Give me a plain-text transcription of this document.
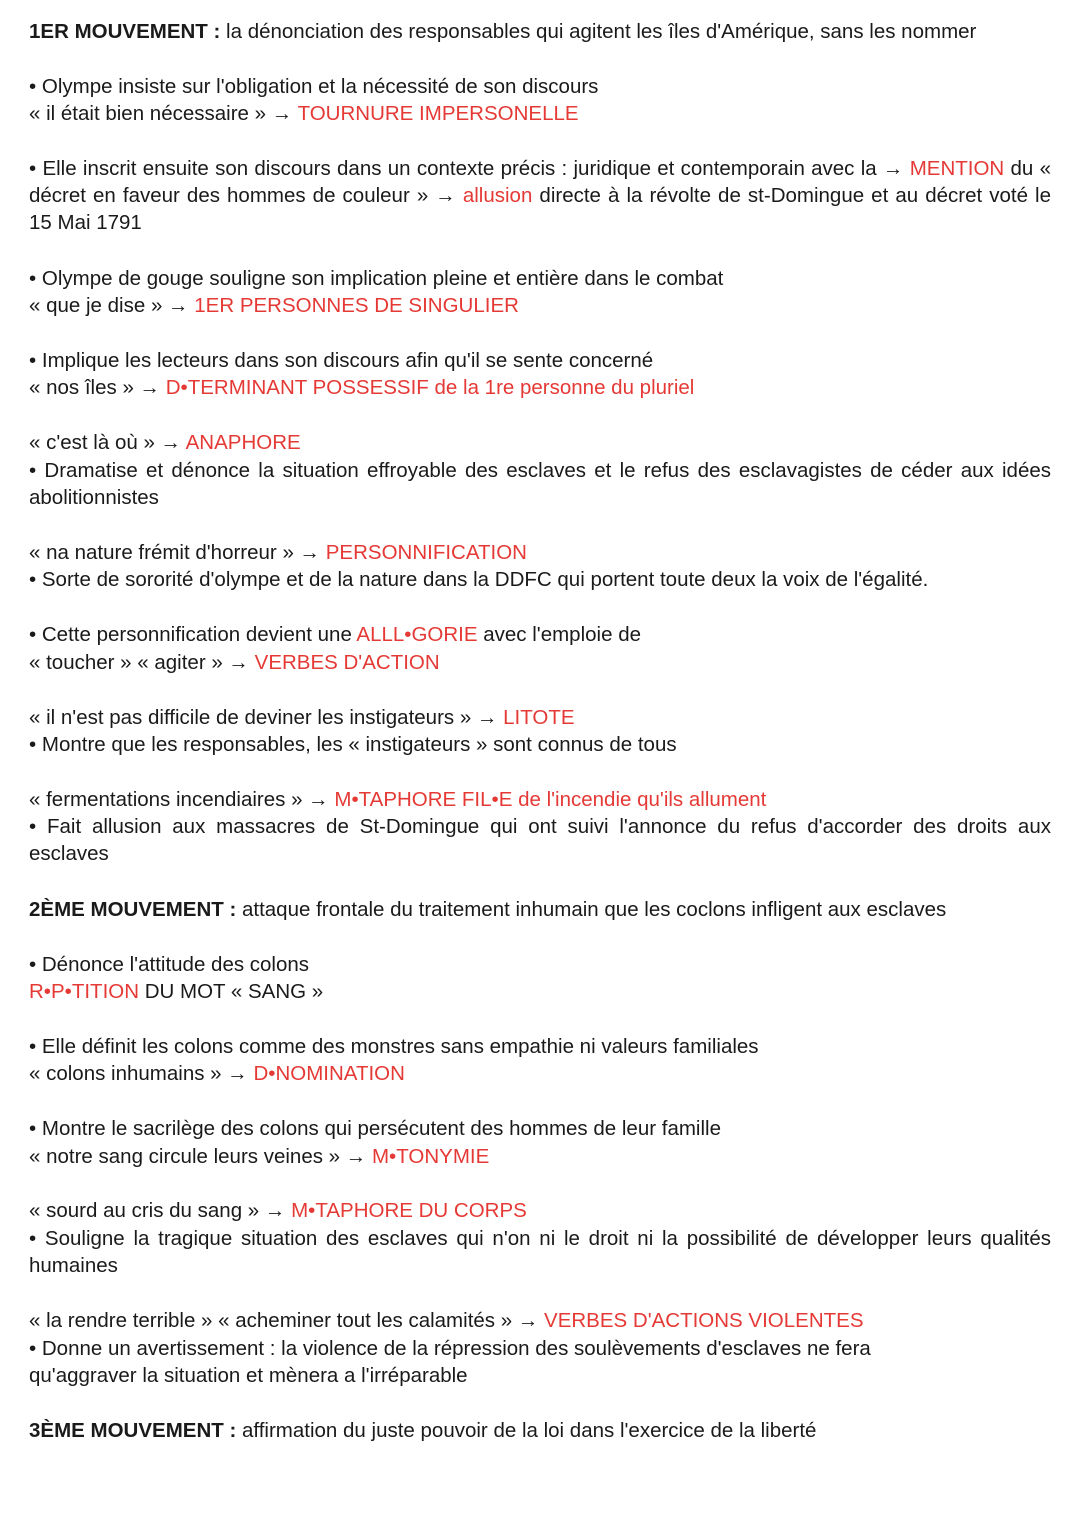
1ER MOUVEMENT : la dénonciation des responsables qui agitent les îles d'Amérique, sans les nommer
• Olympe insiste sur l'obligation et la nécessité de son discours
« il était bien nécessaire » → TOURNURE IMPERSONELLE
• Elle inscrit ensuite son discours dans un contexte précis : juridique et contemporain avec la → MENTION du « décret en faveur des hommes de couleur » → allusion directe à la révolte de st-Domingue et au décret voté le 15 Mai 1791
• Olympe de gouge souligne son implication pleine et entière dans le combat
« que je dise » → 1ER PERSONNES DE SINGULIER
• Implique les lecteurs dans son discours afin qu'il se sente concerné
« nos îles » → D•TERMINANT POSSESSIF de la 1re personne du pluriel
« c'est là où » → ANAPHORE
• Dramatise et dénonce la situation effroyable des esclaves et le refus des esclavagistes de céder aux idées abolitionnistes
« na nature frémit d'horreur » → PERSONNIFICATION
• Sorte de sororité d'olympe et de la nature dans la DDFC qui portent toute deux la voix de l'égalité.
• Cette personnification devient une ALLL•GORIE avec l'emploie de
« toucher » « agiter » → VERBES D'ACTION
« il n'est pas difficile de deviner les instigateurs » → LITOTE
• Montre que les responsables, les « instigateurs » sont connus de tous
« fermentations incendiaires » → M•TAPHORE FIL•E de l'incendie qu'ils allument
• Fait allusion aux massacres de St-Domingue qui ont suivi l'annonce du refus d'accorder des droits aux esclaves
2ÈME MOUVEMENT : attaque frontale du traitement inhumain que les coclons infligent aux esclaves
• Dénonce l'attitude des colons
R•P•TITION DU MOT « SANG »
• Elle définit les colons comme des monstres sans empathie ni valeurs familiales
« colons inhumains » → D•NOMINATION
• Montre le sacrilège des colons qui persécutent des hommes de leur famille
« notre sang circule leurs veines » → M•TONYMIE
« sourd au cris du sang » → M•TAPHORE DU CORPS
• Souligne la tragique situation des esclaves qui n'on ni le droit ni la possibilité de développer leurs qualités humaines
« la rendre terrible » « acheminer tout les calamités » → VERBES D'ACTIONS VIOLENTES
• Donne un avertissement : la violence de la répression des soulèvements d'esclaves ne fera
qu'aggraver la situation et mènera a l'irréparable
3ÈME MOUVEMENT : affirmation du juste pouvoir de la loi dans l'exercice de la liberté
